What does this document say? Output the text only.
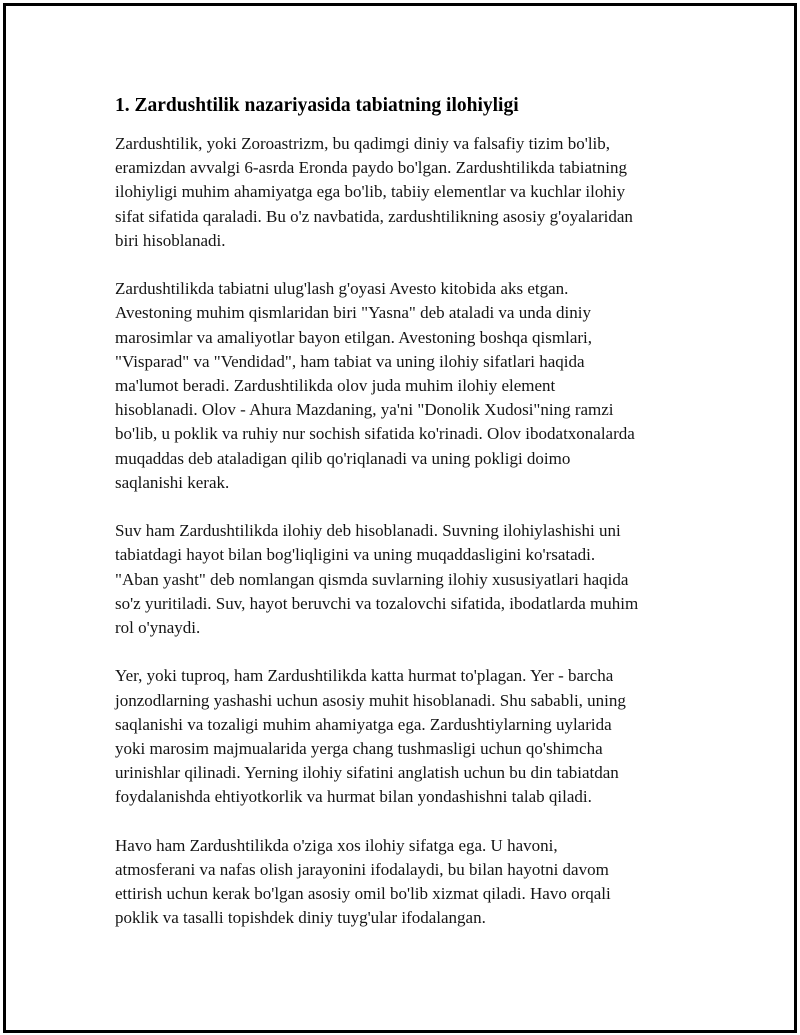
1. Zardushtilik nazariyasida tabiatning ilohiyligi

Zardushtilik, yoki Zoroastrizm, bu qadimgi diniy va falsafiy tizim bo'lib,
eramizdan avvalgi 6-asrda Eronda paydo bo'lgan. Zardushtilikda tabiatning
ilohiyligi muhim ahamiyatga ega bo'lib, tabiiy elementlar va kuchlar ilohiy
sifat sifatida qaraladi. Bu o'z navbatida, zardushtilikning asosiy g'oyalaridan
biri hisoblanadi.

Zardushtilikda tabiatni ulug'lash g'oyasi Avesto kitobida aks etgan.
Avestoning muhim qismlaridan biri "Yasna" deb ataladi va unda diniy
marosimlar va amaliyotlar bayon etilgan. Avestoning boshqa qismlari,
"Visparad" va "Vendidad", ham tabiat va uning ilohiy sifatlari haqida
ma'lumot beradi. Zardushtilikda olov juda muhim ilohiy element
hisoblanadi. Olov - Ahura Mazdaning, ya'ni "Donolik Xudosi"ning ramzi
bo'lib, u poklik va ruhiy nur sochish sifatida ko'rinadi. Olov ibodatxonalarda
muqaddas deb ataladigan qilib qo'riqlanadi va uning pokligi doimo
saqlanishi kerak.

Suv ham Zardushtilikda ilohiy deb hisoblanadi. Suvning ilohiylashishi uni
tabiatdagi hayot bilan bog'liqligini va uning muqaddasligini ko'rsatadi.
"Aban yasht" deb nomlangan qismda suvlarning ilohiy xususiyatlari haqida
so'z yuritiladi. Suv, hayot beruvchi va tozalovchi sifatida, ibodatlarda muhim
rol o'ynaydi.

Yer, yoki tuproq, ham Zardushtilikda katta hurmat to'plagan. Yer - barcha
jonzodlarning yashashi uchun asosiy muhit hisoblanadi. Shu sababli, uning
saqlanishi va tozaligi muhim ahamiyatga ega. Zardushtiylarning uylarida
yoki marosim majmualarida yerga chang tushmasligi uchun qo'shimcha
urinishlar qilinadi. Yerning ilohiy sifatini anglatish uchun bu din tabiatdan
foydalanishda ehtiyotkorlik va hurmat bilan yondashishni talab qiladi.

Havo ham Zardushtilikda o'ziga xos ilohiy sifatga ega. U havoni,
atmosferani va nafas olish jarayonini ifodalaydi, bu bilan hayotni davom
ettirish uchun kerak bo'lgan asosiy omil bo'lib xizmat qiladi. Havo orqali
poklik va tasalli topishdek diniy tuyg'ular ifodalangan.
